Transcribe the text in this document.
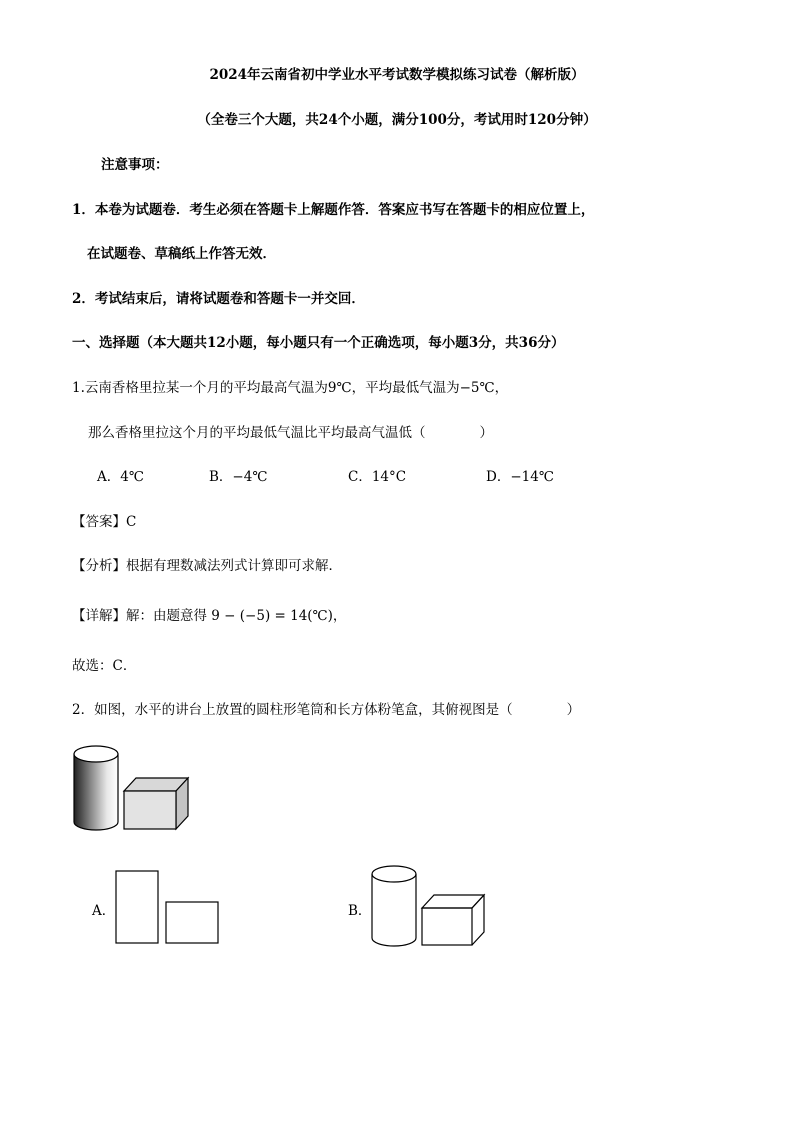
2024年云南省初中学业水平考试数学模拟练习试卷（解析版）
（全卷三个大题，共24个小题，满分100分，考试用时120分钟）
注意事项：
1．本卷为试题卷．考生必须在答题卡上解题作答．答案应书写在答题卡的相应位置上，
在试题卷、草稿纸上作答无效．
2．考试结束后，请将试题卷和答题卡一并交回．
一、选择题（本大题共12小题，每小题只有一个正确选项，每小题3分，共36分）
1.云南香格里拉某一个月的平均最高气温为9℃，平均最低气温为−5℃，
那么香格里拉这个月的平均最低气温比平均最高气温低（　　　　）
A．4℃	B．−4℃	C．14°C	D．−14℃
【答案】C
【分析】根据有理数减法列式计算即可求解．
【详解】解：由题意得 9 − (−5) = 14(℃)，
故选：C．
2．如图，水平的讲台上放置的圆柱形笔筒和长方体粉笔盒，其俯视图是（　　　　）
A．	B．
